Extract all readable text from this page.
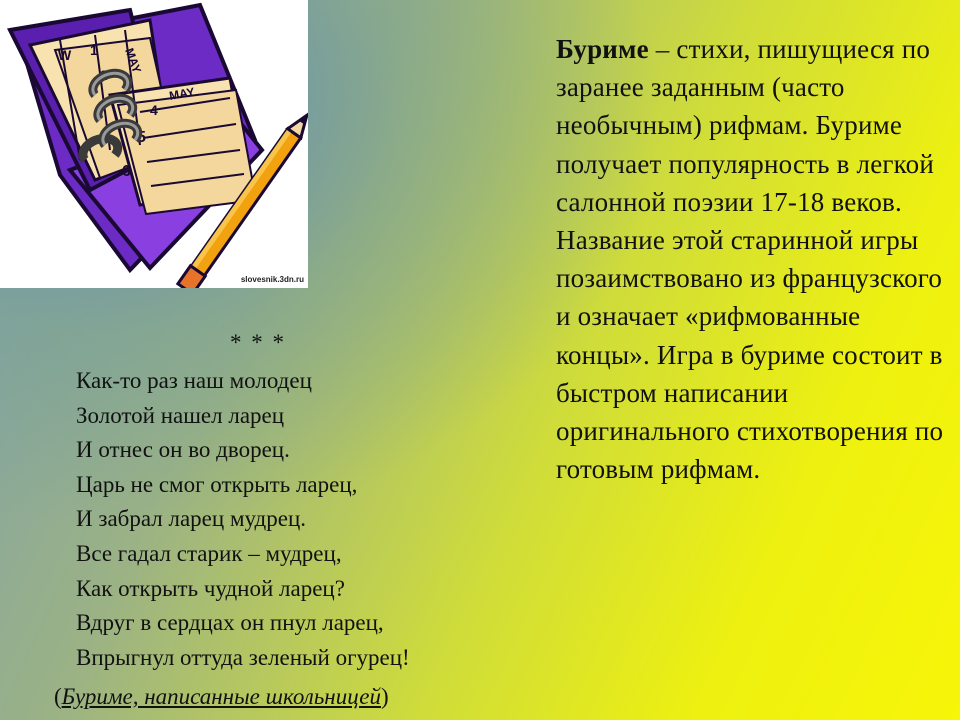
W 1
2 MAY
4
MAY
5
6
slovesnik.3dn.ru
Буриме – стихи, пишущиеся по заранее заданным (часто необычным) рифмам. Буриме получает популярность в легкой салонной поэзии 17-18 веков. Название этой старинной игры позаимствовано из французского и означает «рифмованные концы». Игра в буриме состоит в быстром написании оригинального стихотворения по готовым рифмам.
* * *
Как-то раз наш молодец
Золотой нашел ларец
И отнес он во дворец.
Царь не смог открыть ларец,
И забрал ларец мудрец.
Все гадал старик – мудрец,
Как открыть чудной ларец?
Вдруг в сердцах он пнул ларец,
Впрыгнул оттуда зеленый огурец!
(Буриме, написанные школьницей)
